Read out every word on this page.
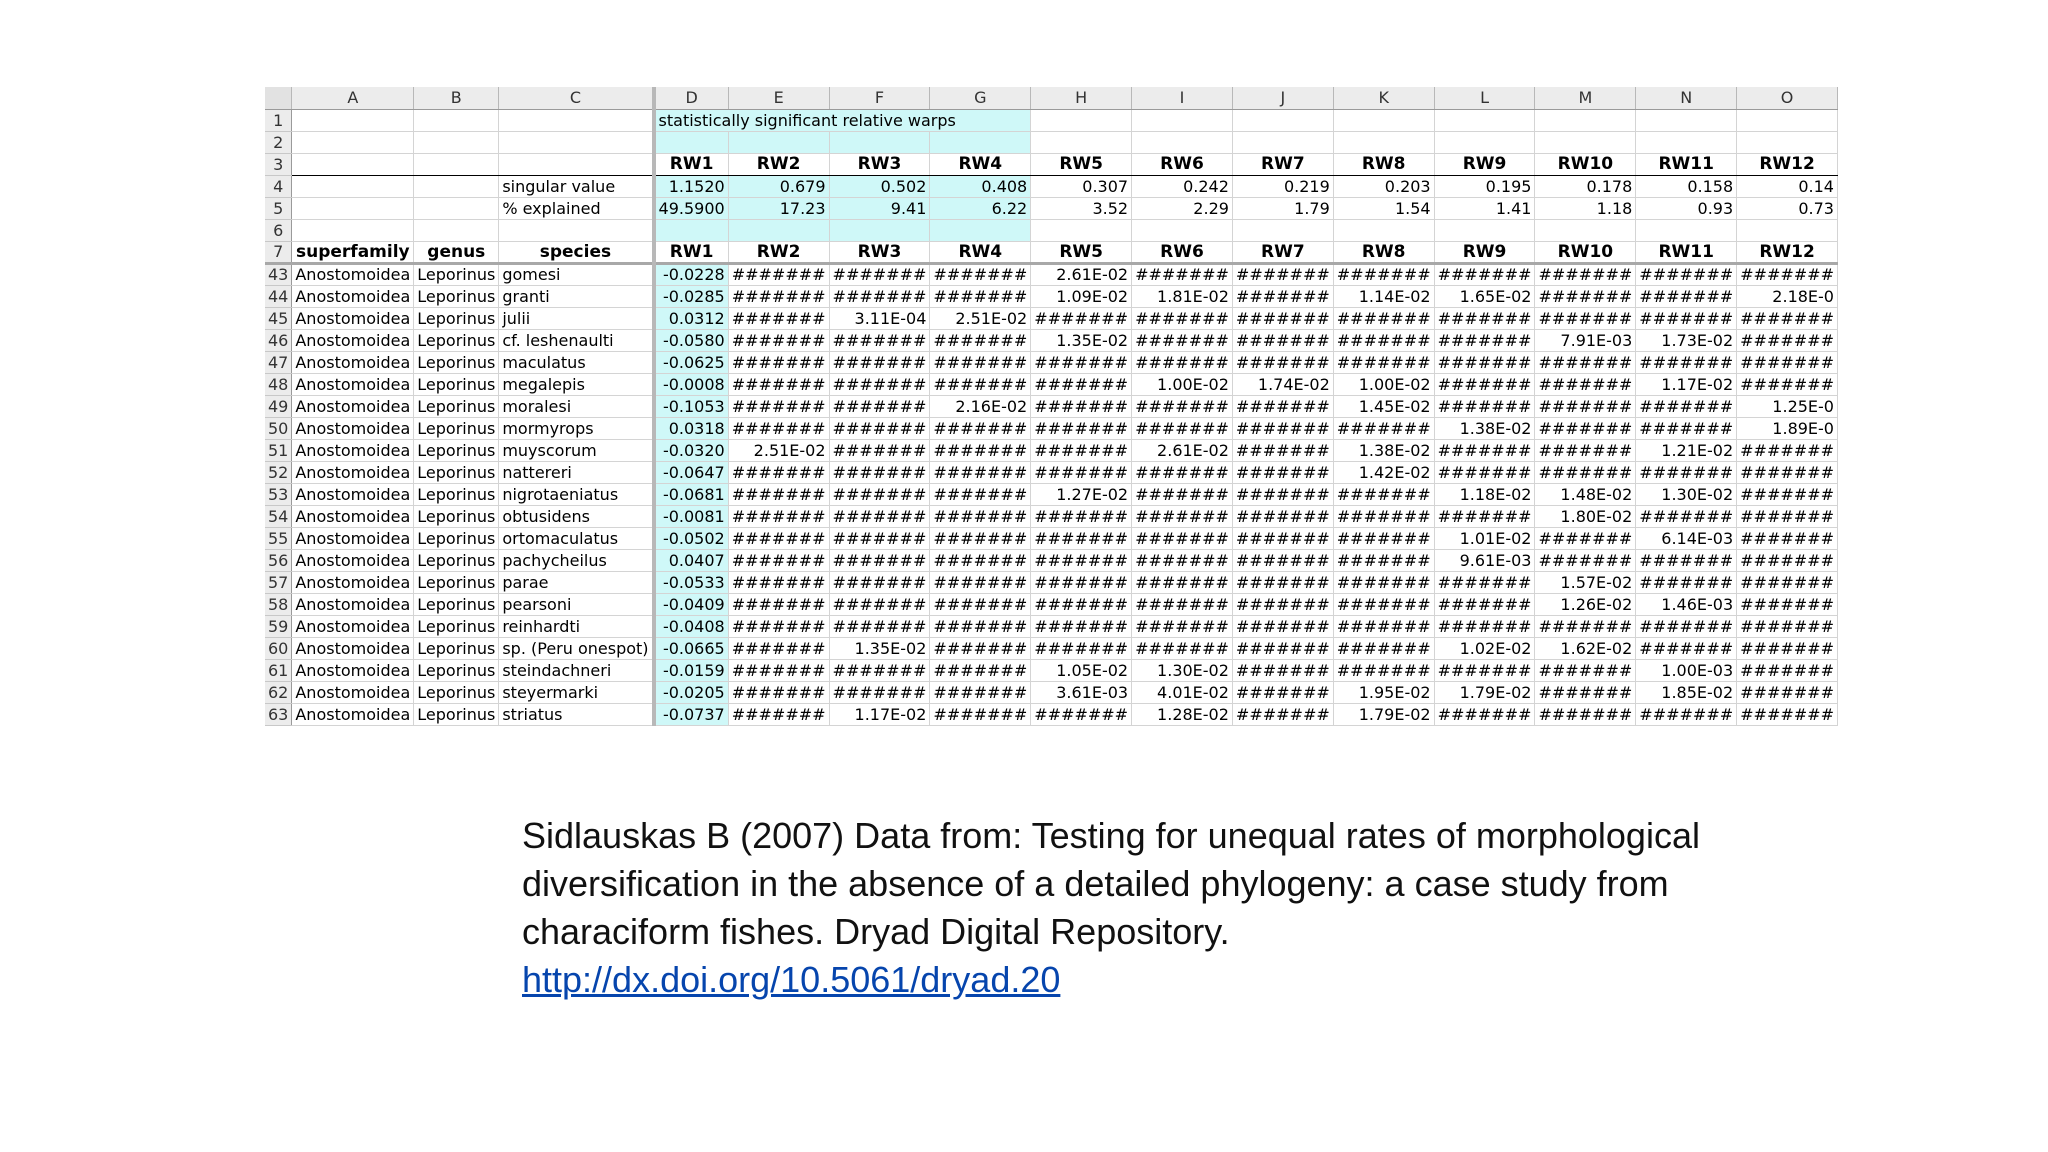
	A	B	C	D	E	F	G	H	I	J	K	L	M	N	O
1				statistically significant relative warps											
2															
3				RW1	RW2	RW3	RW4	RW5	RW6	RW7	RW8	RW9	RW10	RW11	RW12
4			singular value	1.1520	0.679	0.502	0.408	0.307	0.242	0.219	0.203	0.195	0.178	0.158	0.14
5			% explained	49.5900	17.23	9.41	6.22	3.52	2.29	1.79	1.54	1.41	1.18	0.93	0.73
6															
7	superfamily	genus	species	RW1	RW2	RW3	RW4	RW5	RW6	RW7	RW8	RW9	RW10	RW11	RW12
43	Anostomoidea	Leporinus	gomesi	-0.0228	#######	#######	#######	2.61E-02	#######	#######	#######	#######	#######	#######	#######
44	Anostomoidea	Leporinus	granti	-0.0285	#######	#######	#######	1.09E-02	1.81E-02	#######	1.14E-02	1.65E-02	#######	#######	2.18E-0
45	Anostomoidea	Leporinus	julii	0.0312	#######	3.11E-04	2.51E-02	#######	#######	#######	#######	#######	#######	#######	#######
46	Anostomoidea	Leporinus	cf. leshenaulti	-0.0580	#######	#######	#######	1.35E-02	#######	#######	#######	#######	7.91E-03	1.73E-02	#######
47	Anostomoidea	Leporinus	maculatus	-0.0625	#######	#######	#######	#######	#######	#######	#######	#######	#######	#######	#######
48	Anostomoidea	Leporinus	megalepis	-0.0008	#######	#######	#######	#######	1.00E-02	1.74E-02	1.00E-02	#######	#######	1.17E-02	#######
49	Anostomoidea	Leporinus	moralesi	-0.1053	#######	#######	2.16E-02	#######	#######	#######	1.45E-02	#######	#######	#######	1.25E-0
50	Anostomoidea	Leporinus	mormyrops	0.0318	#######	#######	#######	#######	#######	#######	#######	1.38E-02	#######	#######	1.89E-0
51	Anostomoidea	Leporinus	muyscorum	-0.0320	2.51E-02	#######	#######	#######	2.61E-02	#######	1.38E-02	#######	#######	1.21E-02	#######
52	Anostomoidea	Leporinus	nattereri	-0.0647	#######	#######	#######	#######	#######	#######	1.42E-02	#######	#######	#######	#######
53	Anostomoidea	Leporinus	nigrotaeniatus	-0.0681	#######	#######	#######	1.27E-02	#######	#######	#######	1.18E-02	1.48E-02	1.30E-02	#######
54	Anostomoidea	Leporinus	obtusidens	-0.0081	#######	#######	#######	#######	#######	#######	#######	#######	1.80E-02	#######	#######
55	Anostomoidea	Leporinus	ortomaculatus	-0.0502	#######	#######	#######	#######	#######	#######	#######	1.01E-02	#######	6.14E-03	#######
56	Anostomoidea	Leporinus	pachycheilus	0.0407	#######	#######	#######	#######	#######	#######	#######	9.61E-03	#######	#######	#######
57	Anostomoidea	Leporinus	parae	-0.0533	#######	#######	#######	#######	#######	#######	#######	#######	1.57E-02	#######	#######
58	Anostomoidea	Leporinus	pearsoni	-0.0409	#######	#######	#######	#######	#######	#######	#######	#######	1.26E-02	1.46E-03	#######
59	Anostomoidea	Leporinus	reinhardti	-0.0408	#######	#######	#######	#######	#######	#######	#######	#######	#######	#######	#######
60	Anostomoidea	Leporinus	sp. (Peru onespot)	-0.0665	#######	1.35E-02	#######	#######	#######	#######	#######	1.02E-02	1.62E-02	#######	#######
61	Anostomoidea	Leporinus	steindachneri	-0.0159	#######	#######	#######	1.05E-02	1.30E-02	#######	#######	#######	#######	1.00E-03	#######
62	Anostomoidea	Leporinus	steyermarki	-0.0205	#######	#######	#######	3.61E-03	4.01E-02	#######	1.95E-02	1.79E-02	#######	1.85E-02	#######
63	Anostomoidea	Leporinus	striatus	-0.0737	#######	1.17E-02	#######	#######	1.28E-02	#######	1.79E-02	#######	#######	#######	#######

Sidlauskas B (2007) Data from: Testing for unequal rates of morphological diversification in the absence of a detailed phylogeny: a case study from characiform fishes. Dryad Digital Repository.

http://dx.doi.org/10.5061/dryad.20
